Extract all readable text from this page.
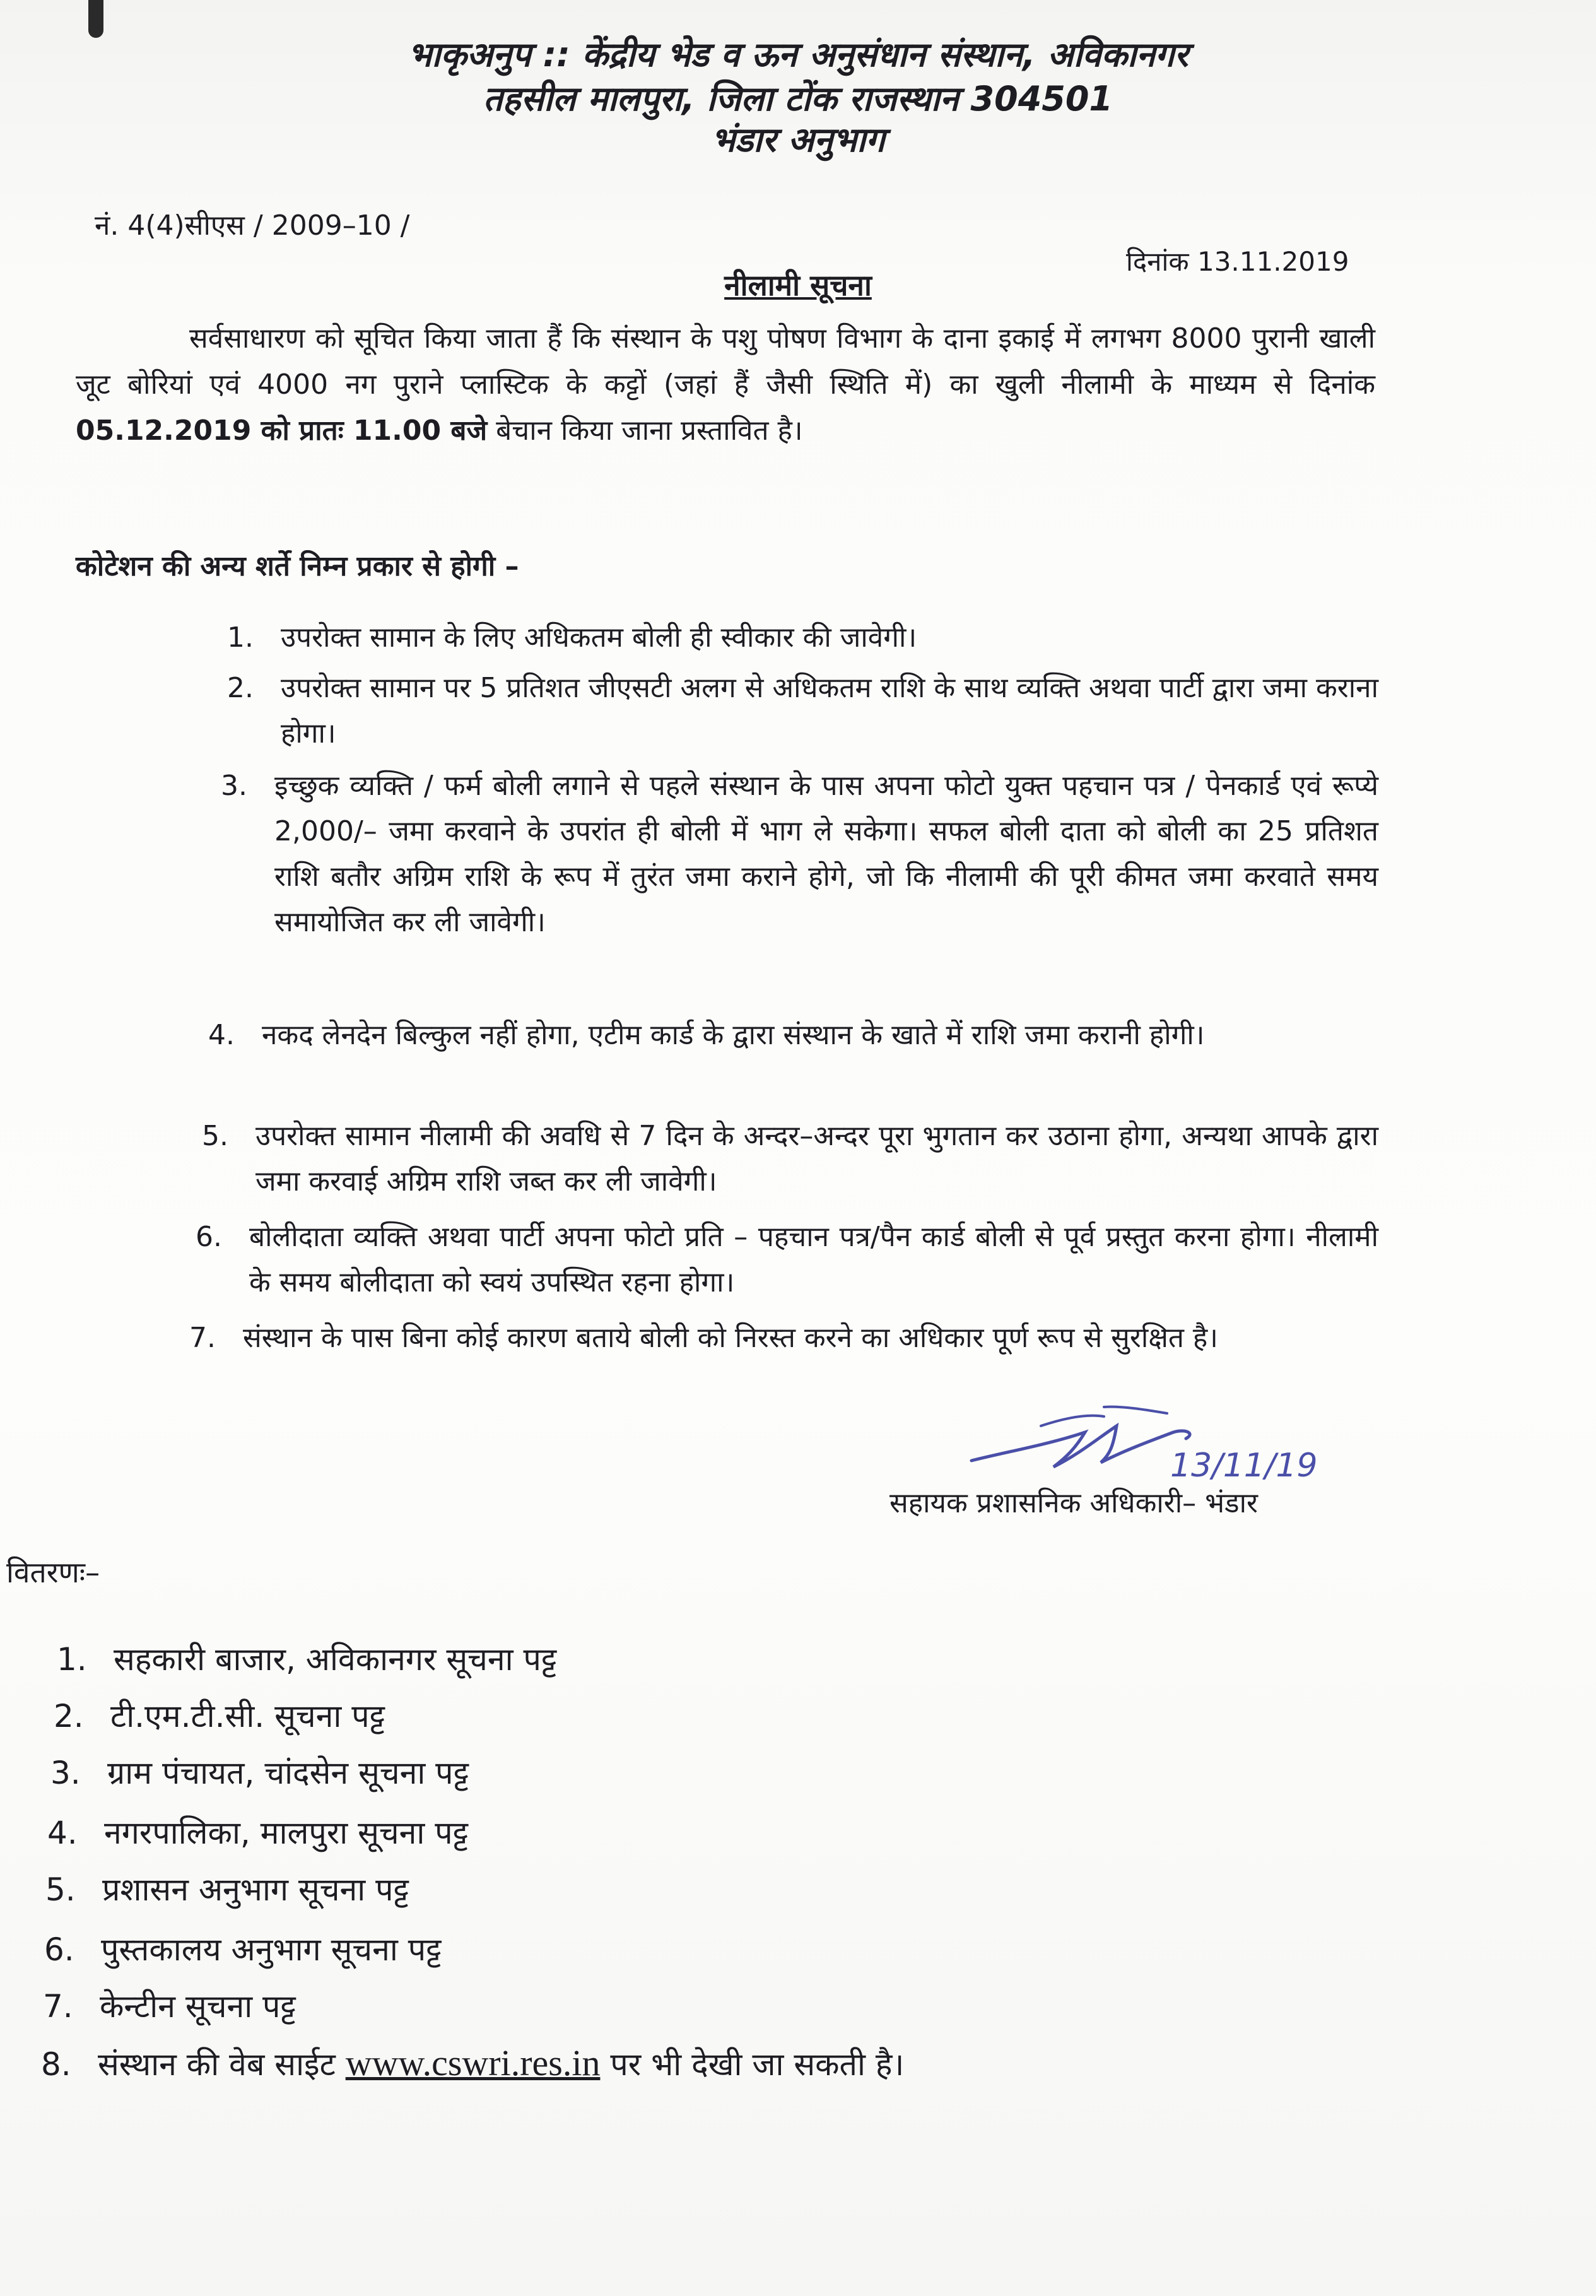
भाकृअनुप :: केंद्रीय भेड व ऊन अनुसंधान संस्थान, अविकानगर
तहसील मालपुरा, जिला टोंक राजस्थान 304501
भंडार अनुभाग
नं. 4(4)सीएस / 2009–10 /
दिनांक 13.11.2019
नीलामी सूचना

सर्वसाधारण को सूचित किया जाता हैं कि संस्थान के पशु पोषण विभाग के दाना इकाई में लगभग 8000 पुरानी खाली जूट बोरियां एवं 4000 नग पुराने प्लास्टिक के कट्टों (जहां हैं जैसी स्थिति में) का खुली नीलामी के माध्यम से दिनांक 05.12.2019 को प्रातः 11.00 बजे बेचान किया जाना प्रस्तावित है।

कोटेशन की अन्य शर्ते निम्न प्रकार से होगी –
1. उपरोक्त सामान के लिए अधिकतम बोली ही स्वीकार की जावेगी।

2. उपरोक्त सामान पर 5 प्रतिशत जीएसटी अलग से अधिकतम राशि के साथ व्यक्ति अथवा पार्टी द्वारा जमा कराना होगा।

3. इच्छुक व्यक्ति / फर्म बोली लगाने से पहले संस्थान के पास अपना फोटो युक्त पहचान पत्र / पेनकार्ड एवं रूप्ये 2,000/– जमा करवाने के उपरांत ही बोली में भाग ले सकेगा। सफल बोली दाता को बोली का 25 प्रतिशत राशि बतौर अग्रिम राशि के रूप में तुरंत जमा कराने होगे, जो कि नीलामी की पूरी कीमत जमा करवाते समय समायोजित कर ली जावेगी।

4. नकद लेनदेन बिल्कुल नहीं होगा, एटीम कार्ड के द्वारा संस्थान के खाते में राशि जमा करानी होगी।

5. उपरोक्त सामान नीलामी की अवधि से 7 दिन के अन्दर–अन्दर पूरा भुगतान कर उठाना होगा, अन्यथा आपके द्वारा जमा करवाई अग्रिम राशि जब्त कर ली जावेगी।

6. बोलीदाता व्यक्ति अथवा पार्टी अपना फोटो प्रति – पहचान पत्र/पैन कार्ड बोली से पूर्व प्रस्तुत करना होगा। नीलामी के समय बोलीदाता को स्वयं उपस्थित रहना होगा।

7. संस्थान के पास बिना कोई कारण बताये बोली को निरस्त करने का अधिकार पूर्ण रूप से सुरक्षित है।

13/11/19
सहायक प्रशासनिक अधिकारी– भंडार
वितरणः–
1. सहकारी बाजार, अविकानगर सूचना पट्ट
2. टी.एम.टी.सी. सूचना पट्ट
3. ग्राम पंचायत, चांदसेन सूचना पट्ट
4. नगरपालिका, मालपुरा सूचना पट्ट
5. प्रशासन अनुभाग सूचना पट्ट
6. पुस्तकालय अनुभाग सूचना पट्ट
7. केन्टीन सूचना पट्ट
8. संस्थान की वेब साईट www.cswri.res.in पर भी देखी जा सकती है।
